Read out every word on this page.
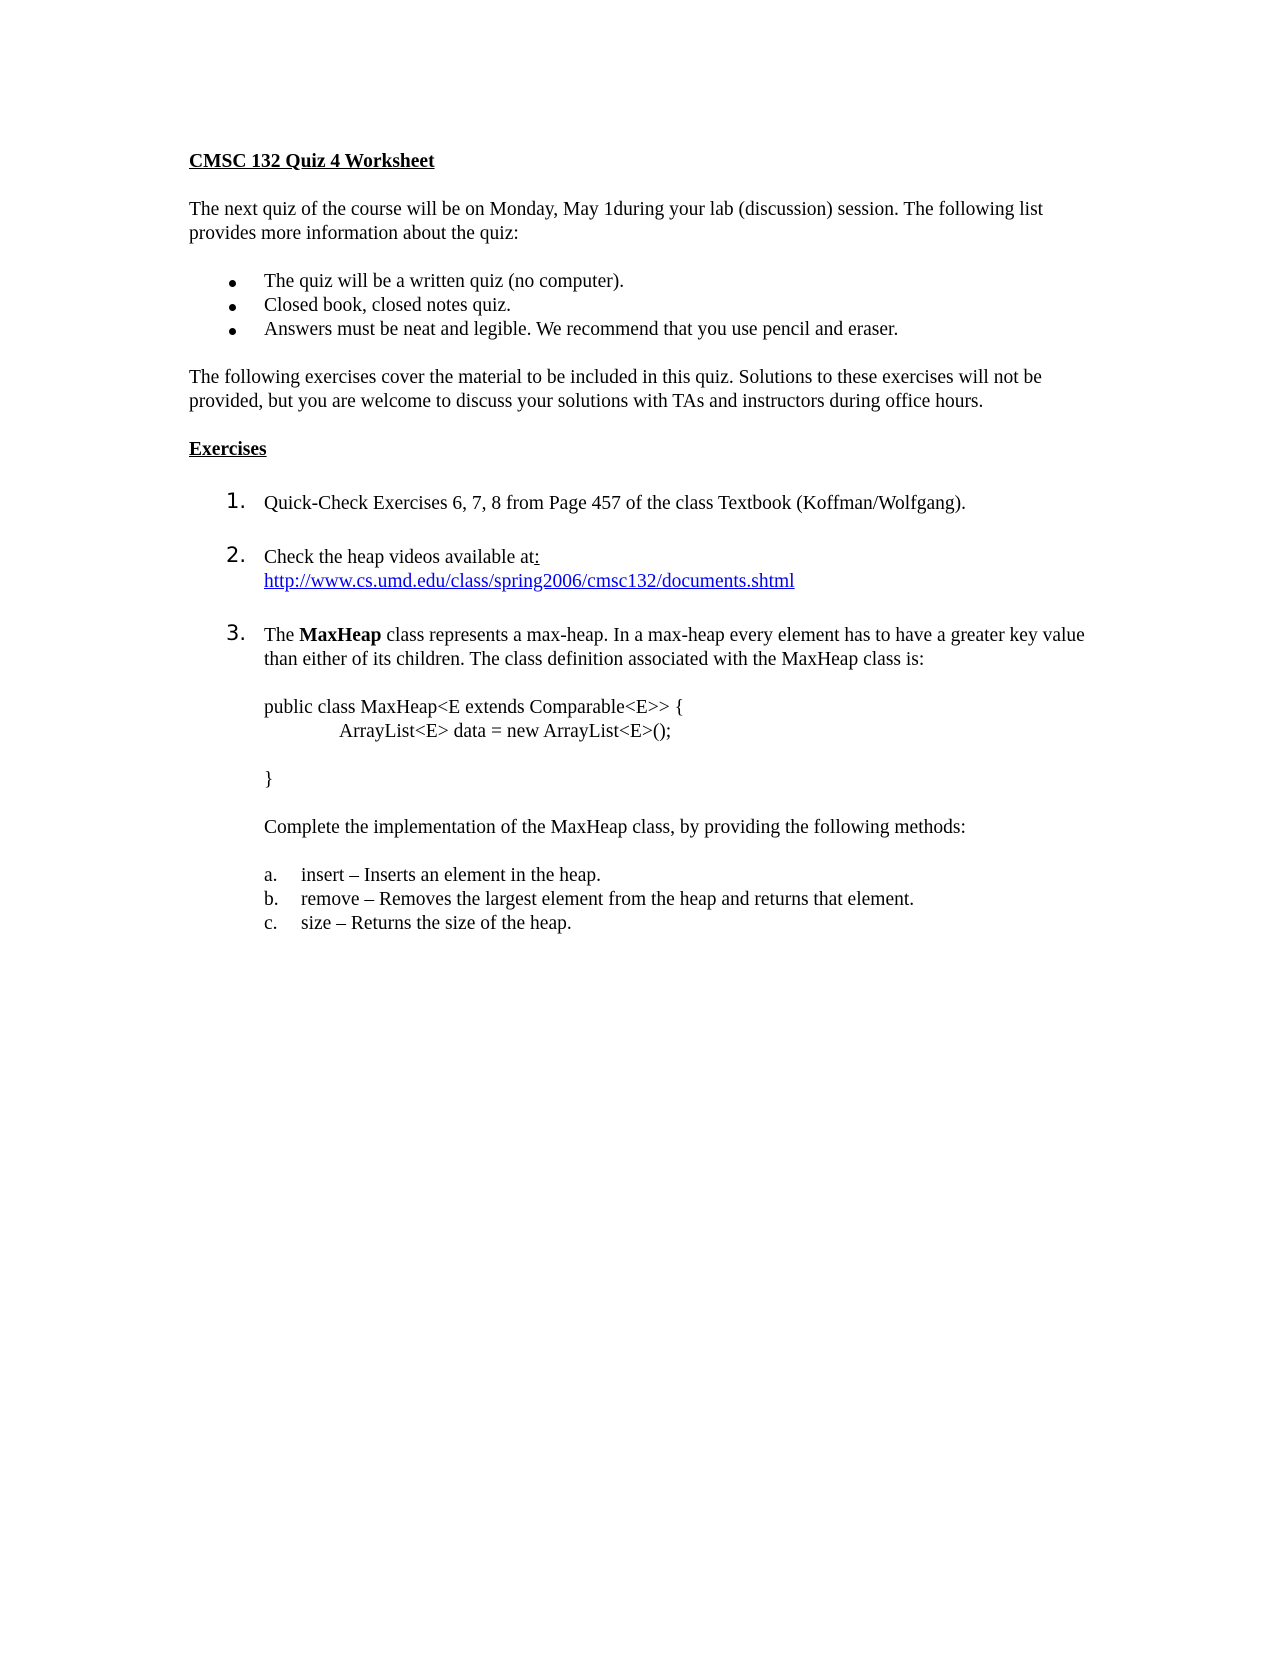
CMSC 132 Quiz 4 Worksheet

The next quiz of the course will be on Monday, May 1during your lab (discussion) session. The following list provides more information about the quiz:

The quiz will be a written quiz (no computer).
Closed book, closed notes quiz.
Answers must be neat and legible. We recommend that you use pencil and eraser.

The following exercises cover the material to be included in this quiz. Solutions to these exercises will not be provided, but you are welcome to discuss your solutions with TAs and instructors during office hours.

Exercises

1. Quick-Check Exercises 6, 7, 8 from Page 457 of the class Textbook (Koffman/Wolfgang).
2. Check the heap videos available at:
http://www.cs.umd.edu/class/spring2006/cmsc132/documents.shtml
3. The MaxHeap class represents a max-heap. In a max-heap every element has to have a greater key value than either of its children. The class definition associated with the MaxHeap class is:
public class MaxHeap<E extends Comparable<E>> {
ArrayList<E> data = new ArrayList<E>();
}

Complete the implementation of the MaxHeap class, by providing the following methods:

a. insert – Inserts an element in the heap.
b. remove – Removes the largest element from the heap and returns that element.
c. size – Returns the size of the heap.
